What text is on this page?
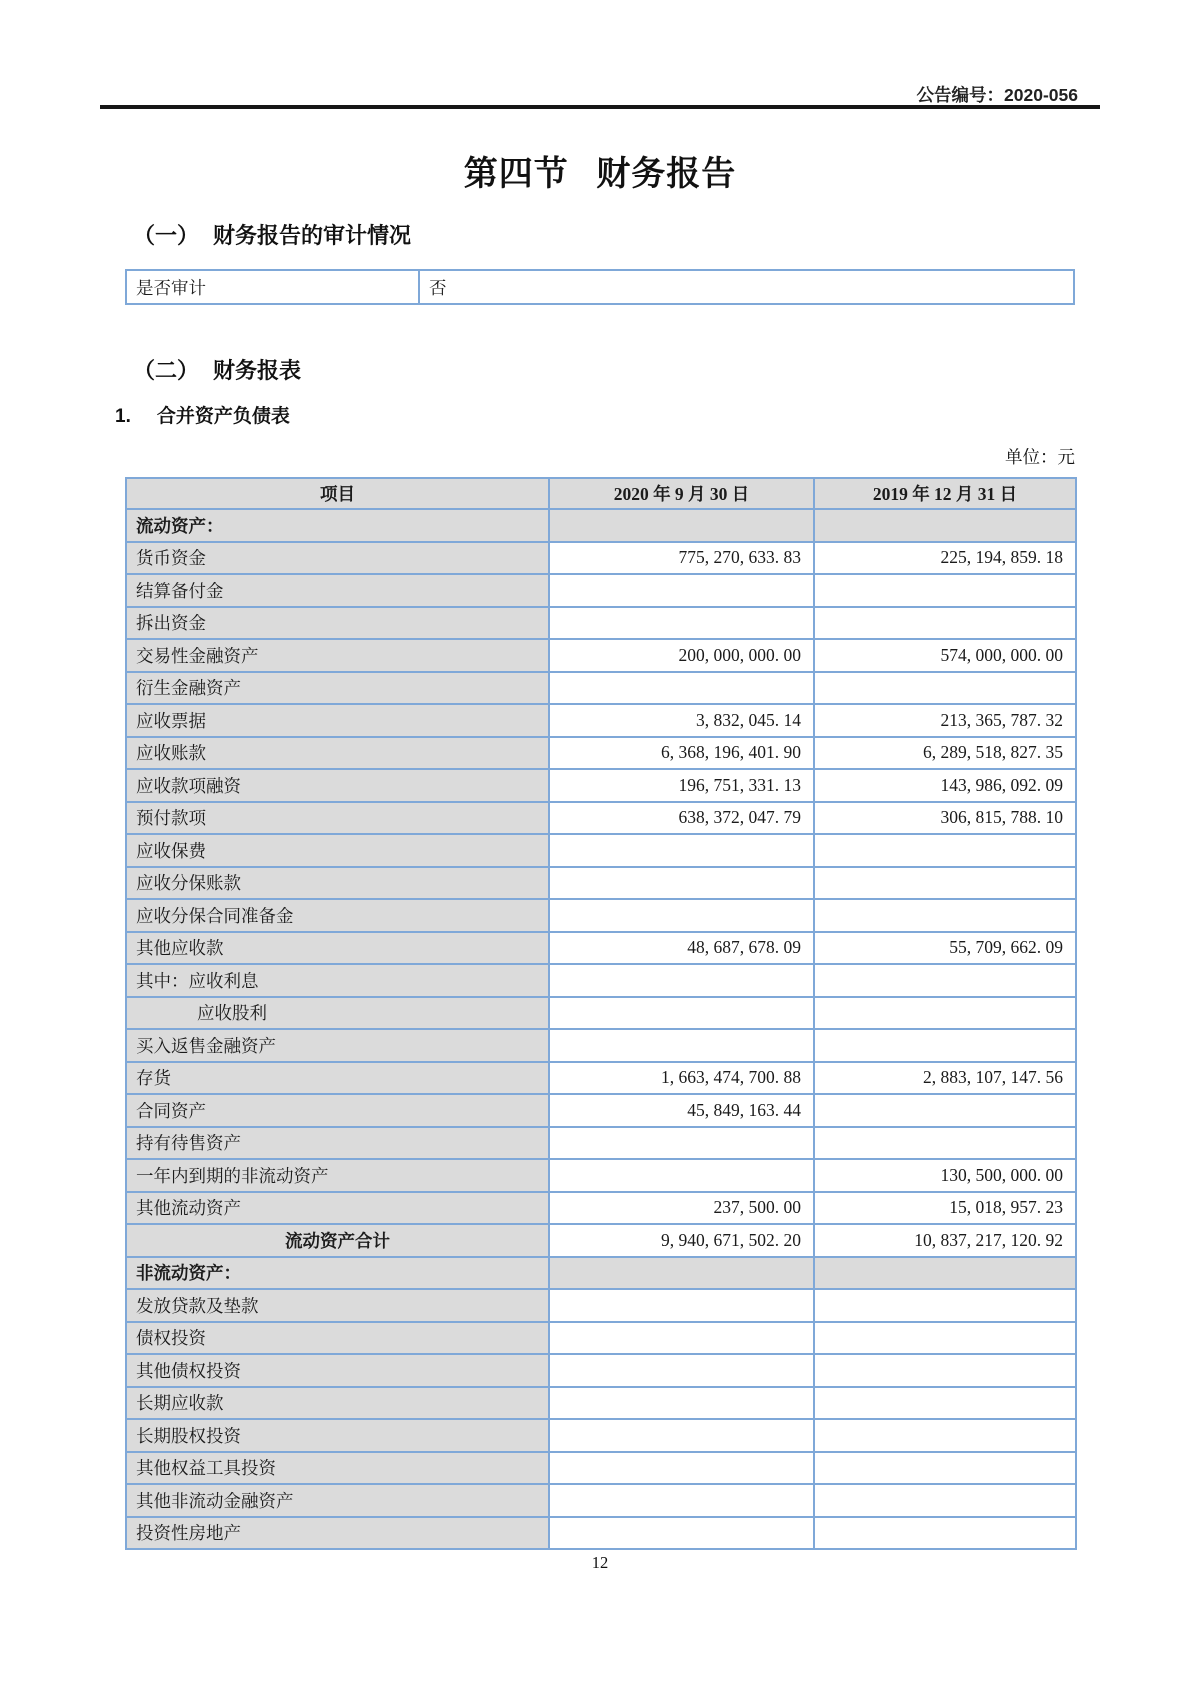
公告编号：2020-056
第四节 财务报告
（一） 财务报告的审计情况
是否审计	否
（二） 财务报表
1. 合并资产负债表
单位：元
项目	2020 年 9 月 30 日	2019 年 12 月 31 日
流动资产：		
货币资金	775, 270, 633. 83	225, 194, 859. 18
结算备付金		
拆出资金		
交易性金融资产	200, 000, 000. 00	574, 000, 000. 00
衍生金融资产		
应收票据	3, 832, 045. 14	213, 365, 787. 32
应收账款	6, 368, 196, 401. 90	6, 289, 518, 827. 35
应收款项融资	196, 751, 331. 13	143, 986, 092. 09
预付款项	638, 372, 047. 79	306, 815, 788. 10
应收保费		
应收分保账款		
应收分保合同准备金		
其他应收款	48, 687, 678. 09	55, 709, 662. 09
其中：应收利息		
应收股利		
买入返售金融资产		
存货	1, 663, 474, 700. 88	2, 883, 107, 147. 56
合同资产	45, 849, 163. 44	
持有待售资产		
一年内到期的非流动资产		130, 500, 000. 00
其他流动资产	237, 500. 00	15, 018, 957. 23
流动资产合计	9, 940, 671, 502. 20	10, 837, 217, 120. 92
非流动资产：		
发放贷款及垫款		
债权投资		
其他债权投资		
长期应收款		
长期股权投资		
其他权益工具投资		
其他非流动金融资产		
投资性房地产		
12
